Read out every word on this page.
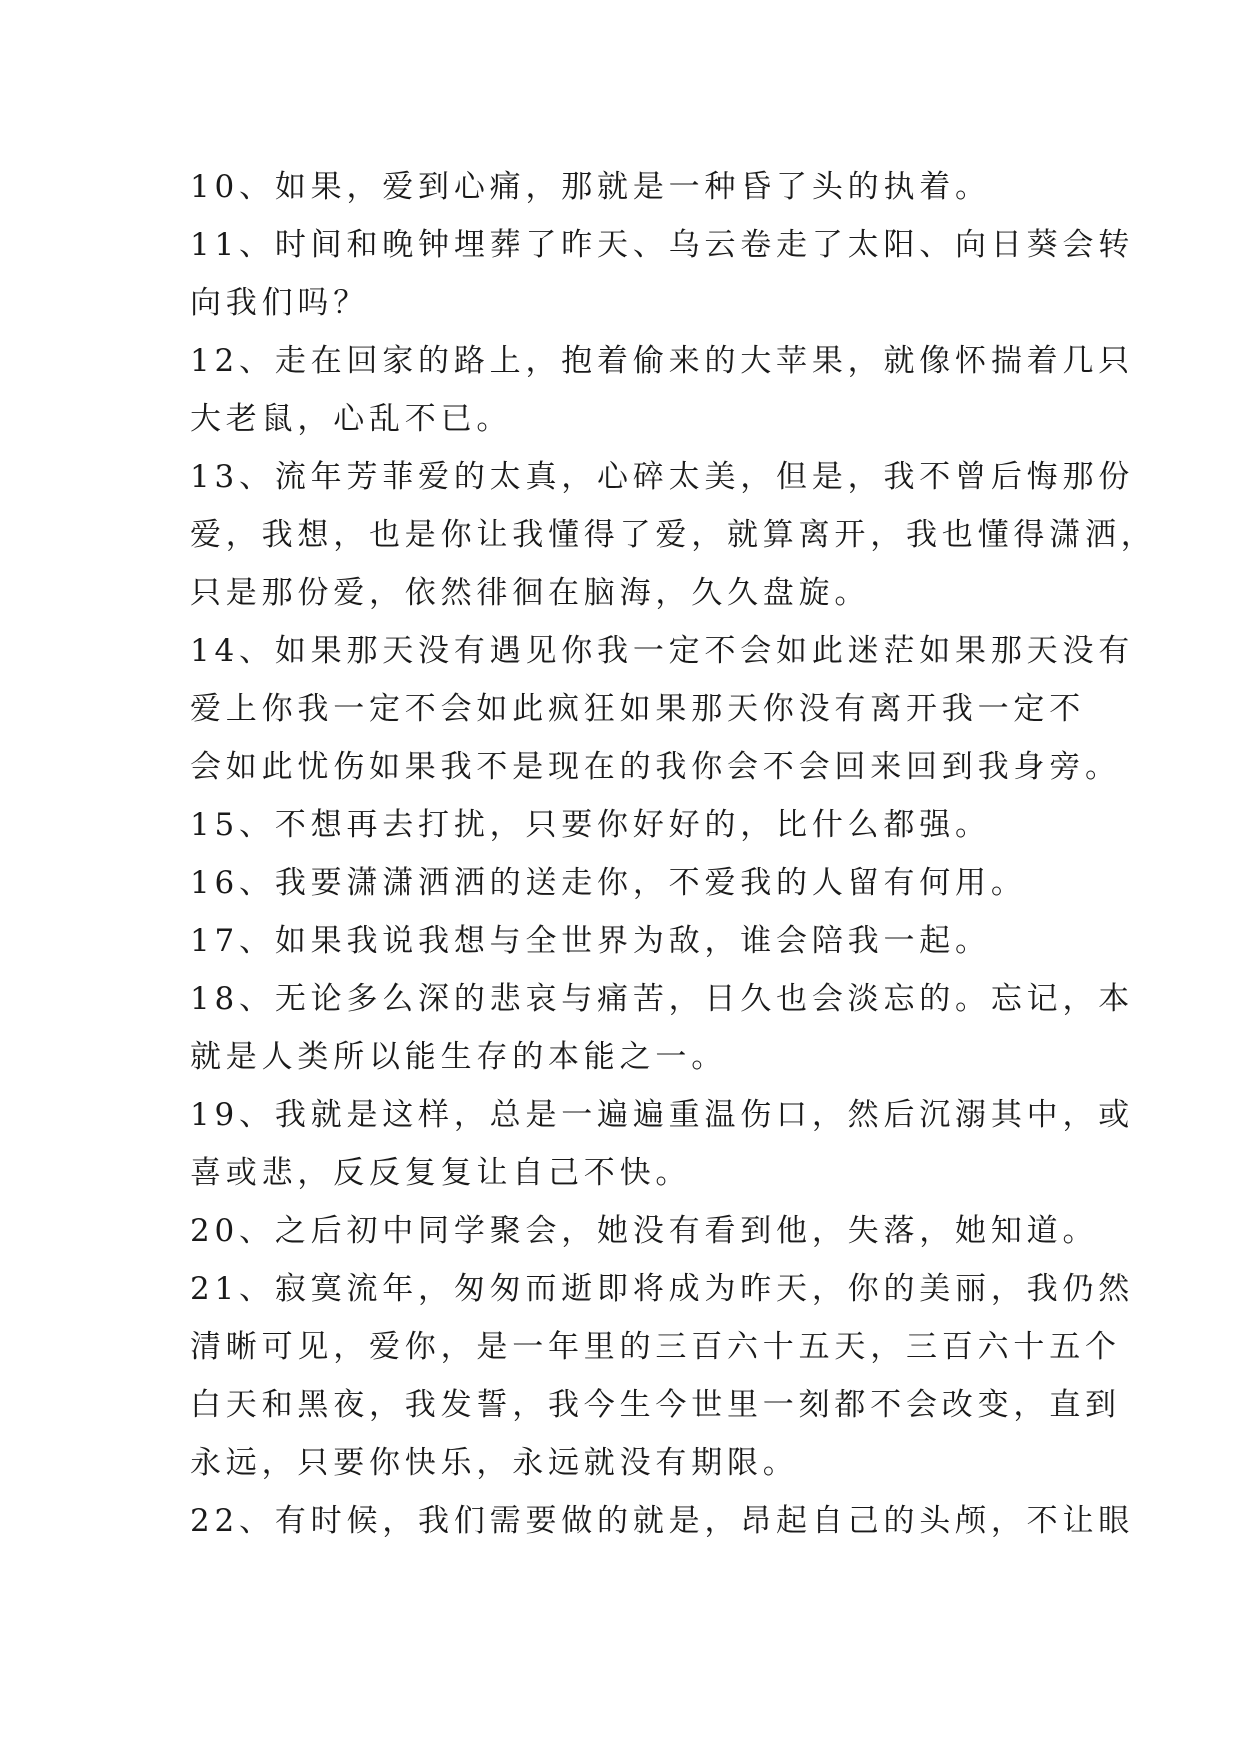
10、如果，爱到心痛，那就是一种昏了头的执着。
11、时间和晚钟埋葬了昨天、乌云卷走了太阳、向日葵会转
向我们吗？
12、走在回家的路上，抱着偷来的大苹果，就像怀揣着几只
大老鼠，心乱不已。
13、流年芳菲爱的太真，心碎太美，但是，我不曾后悔那份
爱，我想，也是你让我懂得了爱，就算离开，我也懂得潇洒，
只是那份爱，依然徘徊在脑海，久久盘旋。
14、如果那天没有遇见你我一定不会如此迷茫如果那天没有
爱上你我一定不会如此疯狂如果那天你没有离开我一定不
会如此忧伤如果我不是现在的我你会不会回来回到我身旁。
15、不想再去打扰，只要你好好的，比什么都强。
16、我要潇潇洒洒的送走你，不爱我的人留有何用。
17、如果我说我想与全世界为敌，谁会陪我一起。
18、无论多么深的悲哀与痛苦，日久也会淡忘的。忘记，本
就是人类所以能生存的本能之一。
19、我就是这样，总是一遍遍重温伤口，然后沉溺其中，或
喜或悲，反反复复让自己不快。
20、之后初中同学聚会，她没有看到他，失落，她知道。
21、寂寞流年，匆匆而逝即将成为昨天，你的美丽，我仍然
清晰可见，爱你，是一年里的三百六十五天，三百六十五个
白天和黑夜，我发誓，我今生今世里一刻都不会改变，直到
永远，只要你快乐，永远就没有期限。
22、有时候，我们需要做的就是，昂起自己的头颅，不让眼
